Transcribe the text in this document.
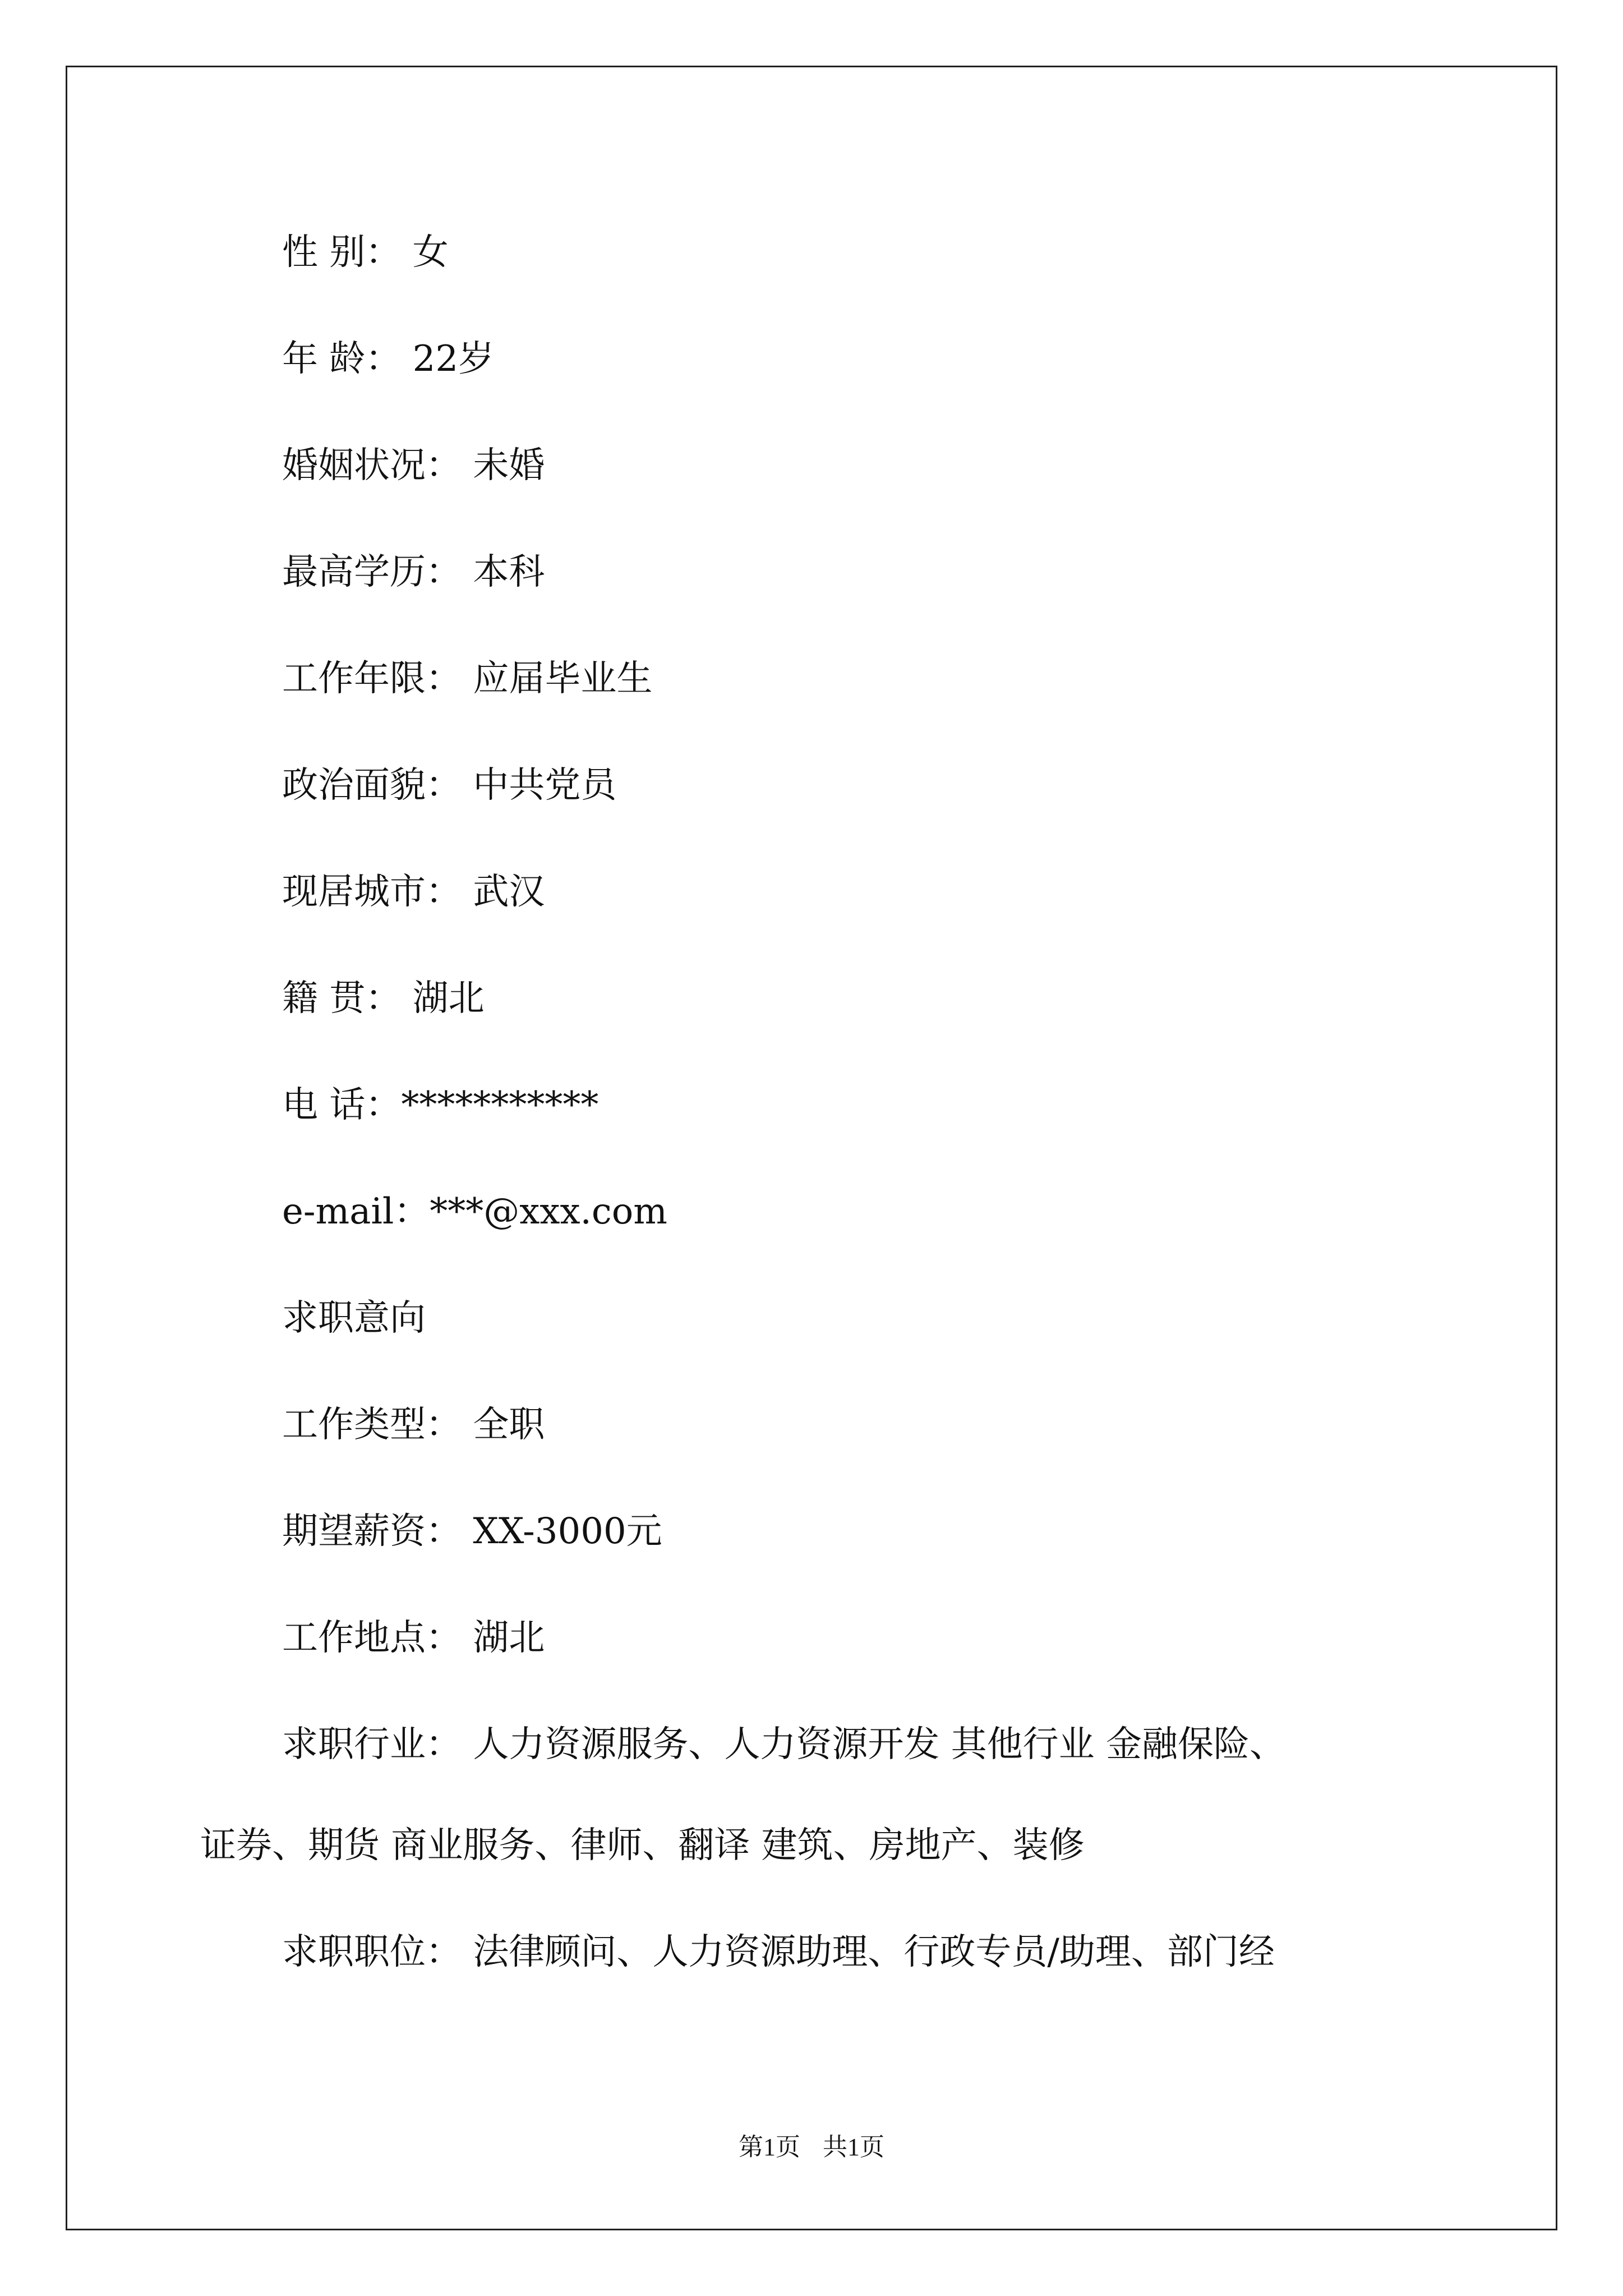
性 别： 女

年 龄： 22岁

婚姻状况： 未婚

最高学历： 本科

工作年限： 应届毕业生

政治面貌： 中共党员

现居城市： 武汉

籍 贯： 湖北

电 话：***********

e-mail：***@xxx.com

求职意向

工作类型： 全职

期望薪资： XX-3000元

工作地点： 湖北

求职行业： 人力资源服务、人力资源开发 其他行业 金融保险、

证券、期货 商业服务、律师、翻译 建筑、房地产、装修

求职职位： 法律顾问、人力资源助理、行政专员/助理、部门经

第1页 共1页
